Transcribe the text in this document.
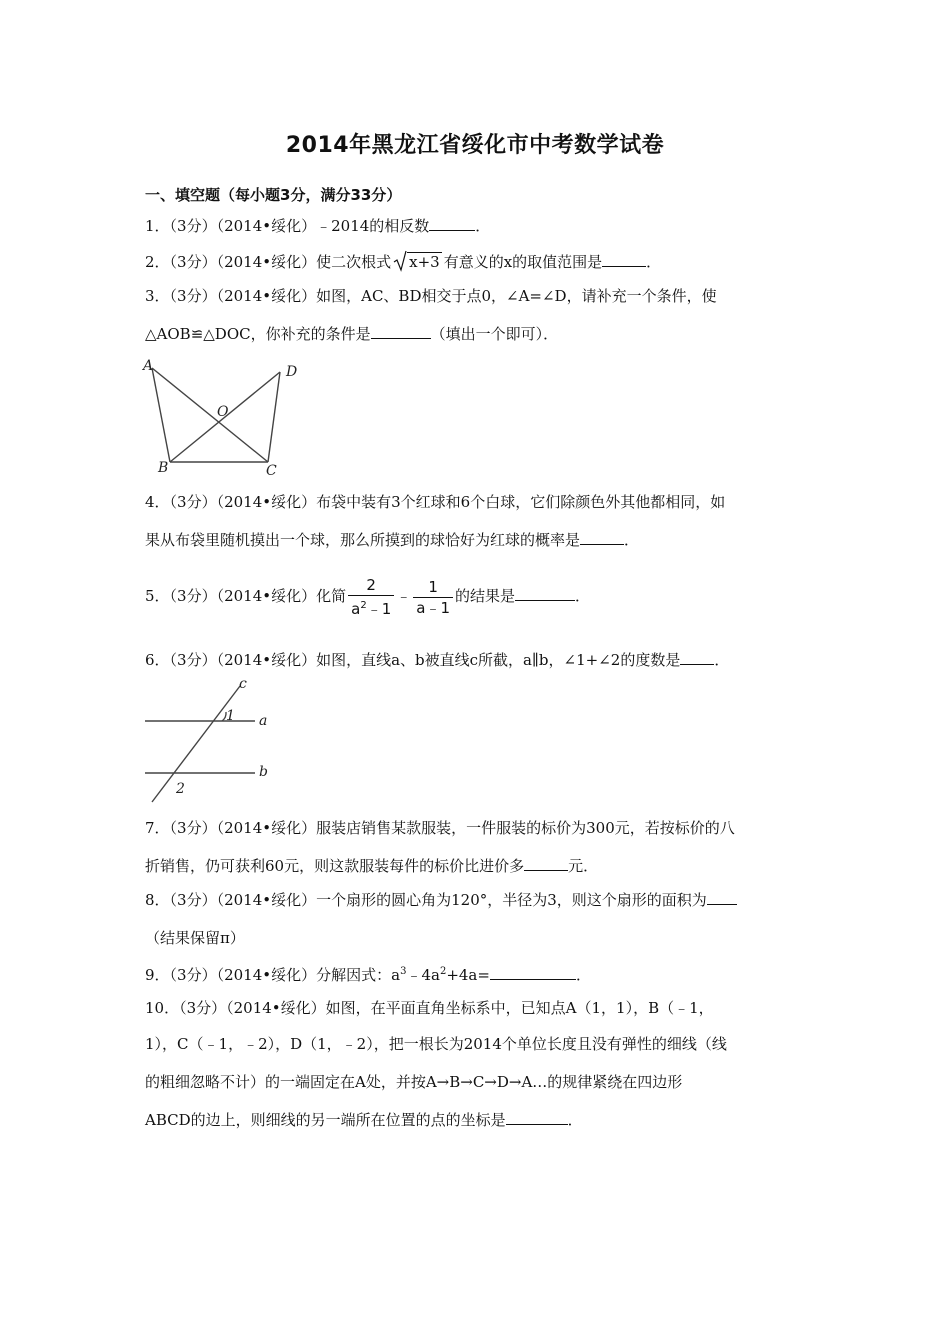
2014年黑龙江省绥化市中考数学试卷
一、填空题（每小题3分，满分33分）
1．（3分）（2014•绥化）﹣2014的相反数	．
2．（3分）（2014•绥化）使二次根式 x+3 有意义的x的取值范围是	．
3．（3分）（2014•绥化）如图，AC、BD相交于点0，∠A=∠D，请补充一个条件，使
△AOB≌△DOC，你补充的条件是	（填出一个即可）．
A	D
O
B	C
4．（3分）（2014•绥化）布袋中装有3个红球和6个白球，它们除颜色外其他都相同，如
果从布袋里随机摸出一个球，那么所摸到的球恰好为红球的概率是	．
5．（3分）（2014•绥化）化简 $\frac{2}{a^2﹣1}$ ﹣ $\frac{1}{a﹣1}$ 的结果是	．
6．（3分）（2014•绥化）如图，直线a、b被直线c所截，a∥b，∠1+∠2的度数是 ．
c
a
b
1
2
7．（3分）（2014•绥化）服装店销售某款服装，一件服装的标价为300元，若按标价的八
折销售，仍可获利60元，则这款服装每件的标价比进价多	元．
8．（3分）（2014•绥化）一个扇形的圆心角为120°，半径为3，则这个扇形的面积为
（结果保留π）
9．（3分）（2014•绥化）分解因式：$a^3﹣4a^2+4a=$	．
10．（3分）（2014•绥化）如图，在平面直角坐标系中，已知点A（1，1），B（﹣1，
1），C（﹣1，﹣2），D（1，﹣2），把一根长为2014个单位长度且没有弹性的细线（线
的粗细忽略不计）的一端固定在A处，并按A→B→C→D→A…的规律紧绕在四边形
ABCD的边上，则细线的另一端所在位置的点的坐标是	．
